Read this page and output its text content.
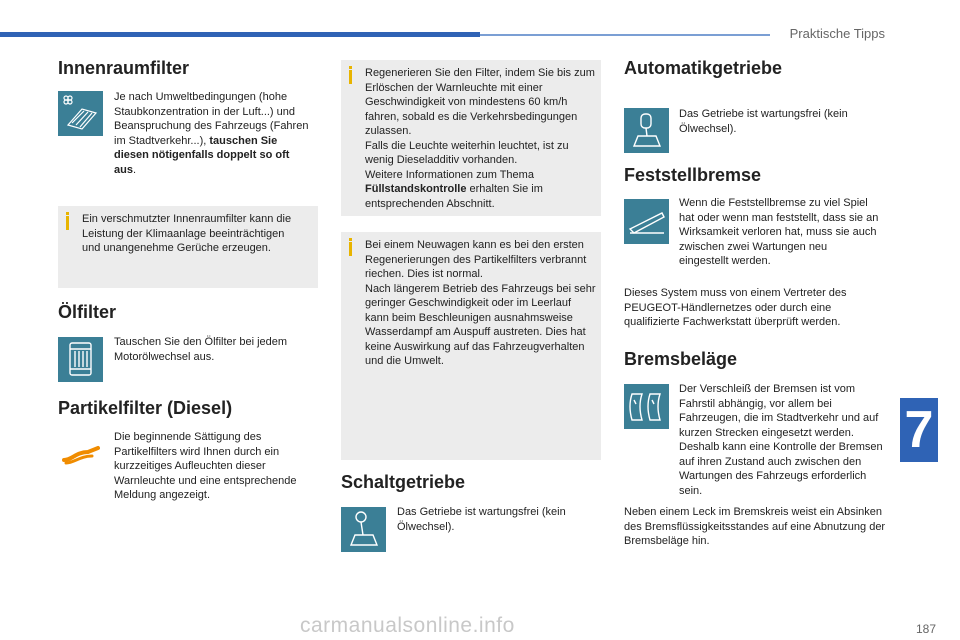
Praktische Tipps
Innenraumfilter
Je nach Umweltbedingungen (hohe Staubkonzentration in der Luft...) und Beanspruchung des Fahrzeugs (Fahren im Stadtverkehr...), tauschen Sie diesen nötigenfalls doppelt so oft aus.
Ein verschmutzter Innenraumfilter kann die Leistung der Klimaanlage beeinträchtigen und unangenehme Gerüche erzeugen.
Ölfilter
Tauschen Sie den Ölfilter bei jedem Motorölwechsel aus.
Partikelfilter (Diesel)
Die beginnende Sättigung des Partikelfilters wird Ihnen durch ein kurzzeitiges Aufleuchten dieser Warnleuchte und eine entsprechende Meldung angezeigt.
Regenerieren Sie den Filter, indem Sie bis zum Erlöschen der Warnleuchte mit einer Geschwindigkeit von mindestens 60 km/h fahren, sobald es die Verkehrsbedingungen zulassen.
Falls die Leuchte weiterhin leuchtet, ist zu wenig Dieseladditiv vorhanden.
Weitere Informationen zum Thema Füllstandskontrolle erhalten Sie im entsprechenden Abschnitt.
Bei einem Neuwagen kann es bei den ersten Regenerierungen des Partikelfilters verbrannt riechen. Dies ist normal.
Nach längerem Betrieb des Fahrzeugs bei sehr geringer Geschwindigkeit oder im Leerlauf kann beim Beschleunigen ausnahmsweise Wasserdampf am Auspuff austreten. Dies hat keine Auswirkung auf das Fahrzeugverhalten und die Umwelt.
Schaltgetriebe
Das Getriebe ist wartungsfrei (kein Ölwechsel).
Automatikgetriebe
Das Getriebe ist wartungsfrei (kein Ölwechsel).
Feststellbremse
Wenn die Feststellbremse zu viel Spiel hat oder wenn man feststellt, dass sie an Wirksamkeit verloren hat, muss sie auch zwischen zwei Wartungen neu eingestellt werden.
Dieses System muss von einem Vertreter des PEUGEOT-Händlernetzes oder durch eine qualifizierte Fachwerkstatt überprüft werden.
Bremsbeläge
Der Verschleiß der Bremsen ist vom Fahrstil abhängig, vor allem bei Fahrzeugen, die im Stadtverkehr und auf kurzen Strecken eingesetzt werden. Deshalb kann eine Kontrolle der Bremsen auf ihren Zustand auch zwischen den Wartungen des Fahrzeugs erforderlich sein.
Neben einem Leck im Bremskreis weist ein Absinken des Bremsflüssigkeitsstandes auf eine Abnutzung der Bremsbeläge hin.
7
carmanualsonline.info	187
